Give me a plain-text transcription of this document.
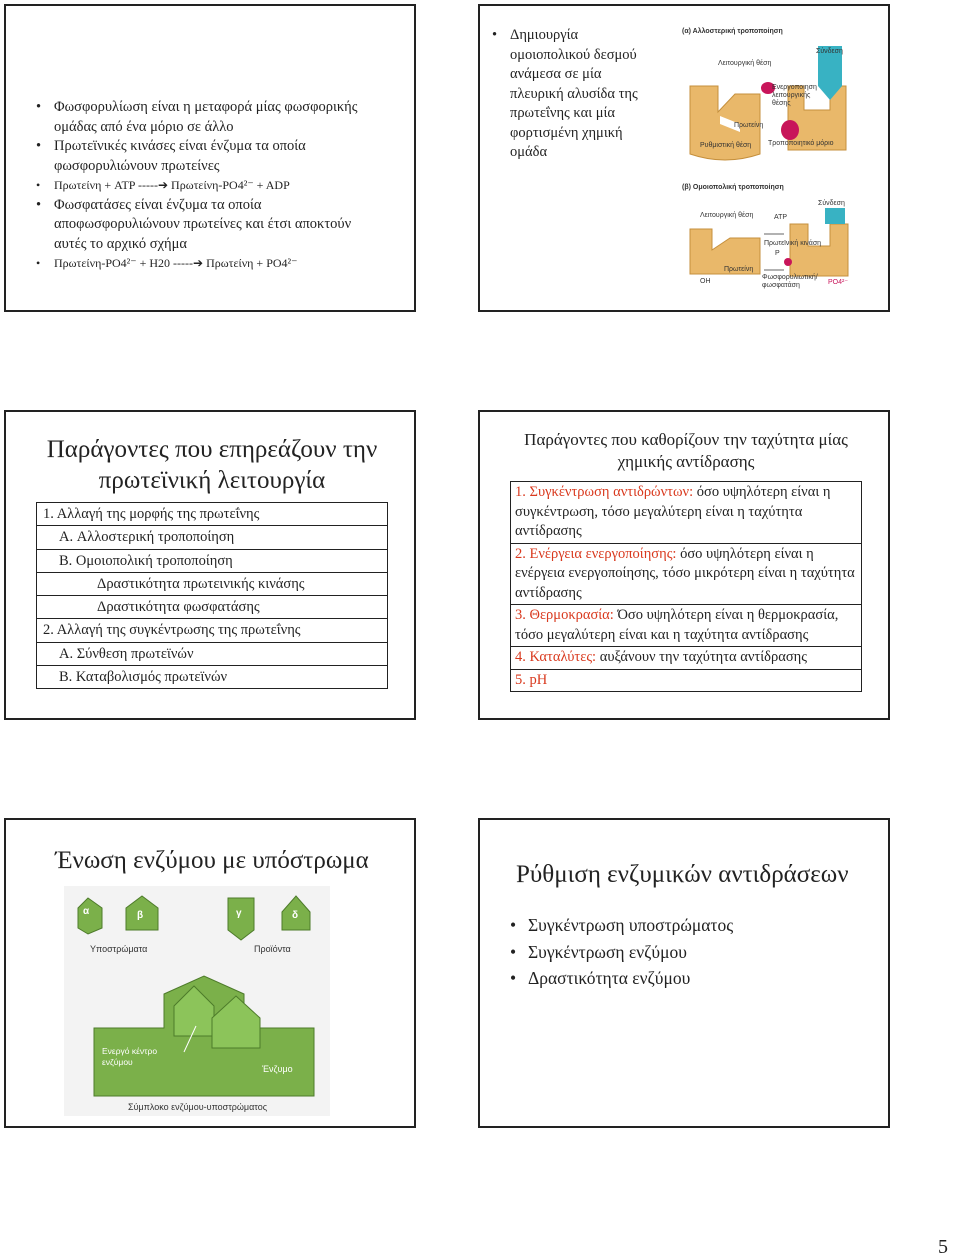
• Φωσφορυλίωση είναι η μεταφορά μίας φωσφορικής ομάδας από ένα μόριο σε άλλο
• Πρωτεϊνικές κινάσες είναι ένζυμα τα οποία φωσφορυλιώνουν πρωτείνες
• Πρωτείνη + ATP -----➔ Πρωτείνη-PO4²⁻ + ADP
• Φωσφατάσες είναι ένζυμα τα οποία αποφωσφορυλιώνουν πρωτείνες και έτσι αποκτούν αυτές το αρχικό σχήμα
• Πρωτείνη-PO4²⁻ + H20 -----➔ Πρωτείνη + PO4²⁻
• Δημιουργία ομοιοπολικού δεσμού ανάμεσα σε μία πλευρική αλυσίδα της πρωτεΐνης και μία φορτισμένη χημική ομάδα
(α) Αλλοστερική τροποποίηση
Λειτουργική θέση
Σύνδεση
Ενεργοποιηση λειτουργικής θέσης
Πρωτείνη
Ρυθμιστική θέση Τροποποιητικό μόριο
(β) Ομοιοπολική τροποποίηση
Λειτουργική θέση
Σύνδεση
ATP
Πρωτεϊνική κινάση
P
Πρωτείνη
OH
Φωσφορυλιωτική/ φωσφατάση	PO4²⁻
Παράγοντες που επηρεάζουν την πρωτεϊνική λειτουργία
1. Αλλαγή της μορφής της πρωτεΐνης
A. Αλλοστερική τροποποίηση
B. Ομοιοπολική τροποποίηση
Δραστικότητα πρωτεινικής κινάσης
Δραστικότητα φωσφατάσης
2. Αλλαγή της συγκέντρωσης της πρωτεΐνης
A. Σύνθεση πρωτεϊνών
B. Καταβολισμός πρωτεϊνών
Παράγοντες που καθορίζουν την ταχύτητα μίας χημικής αντίδρασης
1. Συγκέντρωση αντιδρώντων: όσο υψηλότερη είναι η συγκέντρωση, τόσο μεγαλύτερη είναι η ταχύτητα αντίδρασης
2. Ενέργεια ενεργοποίησης: όσο υψηλότερη είναι η ενέργεια ενεργοποίησης, τόσο μικρότερη είναι η ταχύτητα αντίδρασης
3. Θερμοκρασία: Όσο υψηλότερη είναι η θερμοκρασία, τόσο μεγαλύτερη είναι και η ταχύτητα αντίδρασης
4. Καταλύτες: αυξάνουν την ταχύτητα αντίδρασης
5. pH
Ένωση ενζύμου με υπόστρωμα
α	β	γ	δ
Υποστρώματα	Προϊόντα
Ενεργό κέντρο ενζύμου
Ένζυμο
Σύμπλοκο ενζύμου-υποστρώματος
Ρύθμιση ενζυμικών αντιδράσεων
• Συγκέντρωση υποστρώματος
• Συγκέντρωση ενζύμου
• Δραστικότητα ενζύμου
5
